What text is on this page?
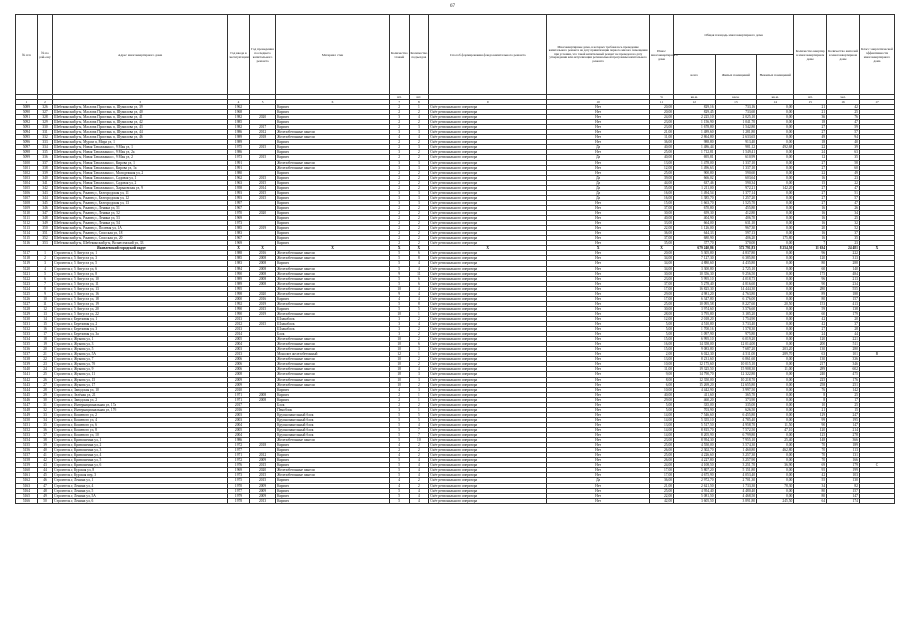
67
№ п/п	№ по рай-ону	Адрес многоквартирного дома	Год ввода в эксплуатацию	Год проведения последнего капитального ремонта	Материал стен	Количество этажей	Количество подъездов	Способ формирования фонда капитального ремонта	Многоквартирные дома, в которых требовалось проведение капитального ремонта на дату приватизации первого жилого помещения при условии, что такой капитальный ремонт не проведен на дату утверждения или актуализации региональной программы капитального ремонта	Износ многоквартирного дома	Общая площадь многоквартирного дома			Количество квартир в многоквартирном доме	Количество жителей в многоквартирном доме	Класс энергетической эффективности многоквартирного дома
											всего	Жилых помещений	Нежилых помещений			
						шт.	шт.			%	кв.м.	кв.м.	кв.м.	шт.	чел.	
1	2	3	4	5	6	7	8	9	10	11	12	13	14	15	16	17
5089	326	Шебекинский р-н, Маслова Пристань п, Шумилова ул, 39	1962		Кирпич	2	1	Счёт регионального оператора	Нет	20,00	829,16	733,16	0,00	21	42	
5090	327	Шебекинский р-н, Маслова Пристань п, Шумилова ул, 40	1968		Кирпич	2	2	Счёт регионального оператора	Нет	20,00	829,45	733,60	0,00	21	25	
5091	328	Шебекинский р-н, Маслова Пристань п, Шумилова ул, 41	1982	2020	Кирпич	3	4	Счёт регионального оператора	Нет	24,00	2 225,10	2 025,10	0,00	36	76	
5092	329	Шебекинский р-н, Маслова Пристань п, Шумилова ул, 42	1985		Кирпич	2	2	Счёт регионального оператора	Нет	23,00	1 156,90	1 041,70	0,00	18	47	
5093	330	Шебекинский р-н, Маслова Пристань п, Шумилова ул, 43	1982	2017	Кирпич	2	3	Счёт регионального оператора	Нет	23,00	1 678,80	1 542,80	0,00	27	59	
5094	331	Шебекинский р-н, Маслова Пристань п, Шумилова ул, 44	1986	2012	Железобетонные панели	3	3	Счёт регионального оператора	Нет	21,00	1 489,60	1 281,80	0,00	27	57	
5095	332	Шебекинский р-н, Маслова Пристань п, Шумилова ул, 46	1989	2018	Железобетонные панели	4	4	Счёт регионального оператора	Нет	11,00	2 864,80	2 633,65	0,00	49	94	
5096	333	Шебекинский р-н, Муром п, Мира ул, 1	1989		Кирпич	2	2	Счёт регионального оператора	Нет	36,00	988,80	913,40	0,00	18	40	
5097	334	Шебекинский р-н, Новая Таволжанка с, 9 Мая ул, 1	1975	2015	Кирпич	2	3	Счёт регионального оператора	Да	40,00	1 486,44	981,12	492,68	22	39	
5098	335	Шебекинский р-н, Новая Таволжанка с, 9 Мая ул, 2а	1986		Кирпич	3	2	Счёт регионального оператора	Нет	25,00	1 712,81	1 549,41	0,00	24	63	
5099	336	Шебекинский р-н, Новая Таволжанка с, 9 Мая ул, 2	1973	2015	Кирпич	2	2	Счёт регионального оператора	Да	40,00	695,81	610,99	0,00	12	35	
5100	337	Шебекинский р-н, Новая Таволжанка с, Кирова ул, 1	1991		Железобетонные панели	3	3	Счёт регионального оператора	Нет	13,00	1 478,00	1 337,10	0,00	27	58	
5101	338	Шебекинский р-н, Новая Таволжанка с, Кирова ул, 1а	1991		Железобетонные панели	3	3	Счёт регионального оператора	Нет	12,00	1 496,63	1 337,10	0,00	27	60	
5102	339	Шебекинский р-н, Новая Таволжанка с, Молодежная ул, 2	1980		Кирпич	2	2	Счёт регионального оператора	Нет	25,00	900,80	590,60	0,00	22	49	
5103	340	Шебекинский р-н, Новая Таволжанка с, Садовая ул, 1	1962	2015	Кирпич	2	2	Счёт регионального оператора	Да	39,00	666,02	603,64	0,00	16	23	
5104	341	Шебекинский р-н, Новая Таволжанка с, Садовая ул, 2	1963	2015	Кирпич	2	2	Счёт регионального оператора	Да	44,00	637,46	590,34	0,00	15	22	
5105	342	Шебекинский р-н, Новая Таволжанка с, Харьковская ул, 9	1958	2014	Кирпич	2	2	Счёт регионального оператора	Да	35,00	1 211,00	972,21	142,20	27	47	
5106	343	Шебекинский р-н, Ржавец с, Белгородская ул, 11	1993	2015	Кирпич	3	3	Счёт регионального оператора	Да	16,00	1 494,54	1 377,14	0,00	27	51	
5107	344	Шебекинский р-н, Ржавец с, Белгородская ул, 12	1993	2015	Кирпич	3	3	Счёт регионального оператора	Да	16,00	1 385,70	1 257,20	0,00	27	57	
5108	345	Шебекинский р-н, Ржавец с, Белгородская ул, 13	1997		Кирпич	3	3	Счёт регионального оператора	Нет	15,00	1 663,70	1 525,70	0,00	27	47	
5109	346	Шебекинский р-н, Ржавец с, Ленина ул, 51	1967		Кирпич	2	2	Счёт регионального оператора	Нет	37,00	670,80	455,80	0,00	16	26	
5110	347	Шебекинский р-н, Ржавец с, Ленина ул, 52	1970	2020	Кирпич	2	2	Счёт регионального оператора	Нет	30,00	659,30	412,80	0,00	16	34	
5111	348	Шебекинский р-н, Ржавец с, Ленина ул, 53	1969		Кирпич	2	2	Счёт регионального оператора	Нет	40,00	404,90	406,70	0,00	16	25	
5112	349	Шебекинский р-н, Ржавец с, Ленина ул, 54	1973		Кирпич	2	2	Счёт регионального оператора	Нет	33,00	664,00	631,10	0,00	16	32	
5113	350	Шебекинский р-н, Ржавец с, Полевая ул, 1А	1985	2019	Кирпич	2	2	Счёт регионального оператора	Нет	22,00	1 126,00	967,30	0,00	20	52	
5114	351	Шебекинский р-н, Ржавец с, Спасская ул, 18	1983		Кирпич	2	2	Счёт регионального оператора	Нет	36,00	644,33	597,13	0,00	16	37	
5115	352	Шебекинский р-н, Ржавец с, Спасская ул, 20	1967		Кирпич	2	2	Счёт регионального оператора	Нет	37,00	680,90	406,20	175,80	16	35	
5116	353	Шебекинский р-н, Шебекинский р-н, Вознесенский ул, 33	1969		Кирпич	2	2	Счёт регионального оператора	Нет	35,00	377,70	370,00	0,00	7	23	
Яковлевский городской округ			X	X	X	X	X	X	X	X	679 240,86	572 791,83	8 254,50	11 634	24 481	X
5117	1	Строитель г, 5 Августа ул, 1	1988	2016	Железобетонные панели	5	6	Счёт регионального оператора	Нет	20,00	5 305,80	4 837,80	0,00	96	222	
5118	2	Строитель г, 5 Августа ул, 3	1985	2008	Железобетонные панели	5	8	Счёт регионального оператора	Нет	34,00	7 127,30	6 385,80	0,00	120	313	
5119	3	Строитель г, 5 Августа ул, 5	1983	2008	Кирпич	5	4	Счёт регионального оператора	Нет	34,00	4 880,60	4 435,80	0,00	80	288	
5120	4	Строитель г, 5 Августа ул, 6	1984	2008	Железобетонные панели	5	4	Счёт регионального оператора	Нет	34,00	3 300,80	2 725,10	0,00	60	140	
5121	5	Строитель г, 5 Августа ул, 8	1990	2008	Железобетонные панели	9	11	Счёт регионального оператора	Нет	30,00	10 356,30	9 256,50	0,00	175	484	
5122	6	Строитель г, 5 Августа ул, 10	1989	2008	Железобетонные панели	5	6	Счёт регионального оператора	Нет	23,00	5 995,10	4 018,75	0,00	96	213	
5123	7	Строитель г, 5 Августа ул, 11	1989	2008	Железобетонные панели	5	6	Счёт регионального оператора	Нет	37,00	5 278,40	4 816,60	0,00	90	234	
5124	8	Строитель г, 5 Августа ул, 13	1995		Железобетонные панели	10	4	Счёт регионального оператора	Нет	17,00	16 825,30	14 444,30	0,00	280	555	
5125	9	Строитель г, 5 Августа ул, 16	1998	2020	Железобетонные панели	9	4	Счёт регионального оператора	Нет	29,00	4 981,20	4 763,80	0,00	89	188	
5126	10	Строитель г, 5 Августа ул, 18	2000	2016	Кирпич	4	4	Счёт регионального оператора	Нет	17,00	6 347,80	6 176,00	0,00	80	157	
5127	11	Строитель г, 5 Августа ул, 19	1992	2019	Железобетонные панели	5	8	Счёт регионального оператора	Нет	25,00	10 095,58	8 227,60	20,50	153	413	
5128	12	Строитель г, 5 Августа ул, 20	1990	2015	Кирпич	5	5	Счёт регионального оператора	Нет	30,00	3 974,60	3 576,60	0,00	59	138	
5129	13	Строитель г, 5 Августа ул, 22	1990	2019	Железобетонные панели	10	1	Счёт регионального оператора	Нет	28,00	3 795,80	3 185,20	0,00	60	179	
5130	14	Строитель г, Березовая ул, 1	2013		Шлакоблок	3	2	Счёт регионального оператора	Нет	12,00	2 018,20	1 754,90	0,00	42	20	
5131	15	Строитель г, Березовая ул, 2	2012	2015	Шлакоблок	3	4	Счёт регионального оператора	Нет	5,00	4 510,80	3 733,40	0,00	42	37	
5132	16	Строитель г, Березовая ул, 3	2013		Шлакоблок	3	2	Счёт регионального оператора	Нет	5,00	1 700,16	1 578,30	0,00	27	28	
5133	17	Строитель г, Березовая ул, 3а	2014		Блок	3	2	Счёт регионального оператора	Нет	5,00	1 097,90	975,80	0,00	24	44	
5134	18	Строитель г, Жукова ул, 1	2005		Железобетонные панели	10	2	Счёт регионального оператора	Нет	15,00	6 995,10	6 019,20	0,00	120	221	
5135	19	Строитель г, Жукова ул, 3	2004		Железобетонные панели	10	6	Счёт регионального оператора	Нет	16,00	14 358,00	12 014,00	0,00	200	511	
5136	20	Строитель г, Жукова ул, 5	2003		Железобетонные панели	10	3	Счёт регионального оператора	Нет	15,00	9 083,80	7 687,20	203,20	130	280	
5137	21	Строитель г, Жукова ул, 5А	2013		Монолит железобетонный	12	1	Счёт регионального оператора	Нет	2,00	6 022,30	4 511,00	289,70	63	101	B
5138	22	Строитель г, Жукова ул, 7	2006		Железобетонные панели	10	2	Счёт регионального оператора	Нет	13,00	8 231,60	6 861,60	0,00	130	336	
5139	23	Строитель г, Жукова ул, 7б	2006		Железобетонные панели	10	2	Счёт регионального оператора	Нет	10,00	12 175,60	10 015,10	0,00	217	346	
5140	24	Строитель г, Жукова ул, 9	2006		Железобетонные панели	18	4	Счёт регионального оператора	Нет	11,00	19 325,50	15 908,30	11,00	289	602	
5141	25	Строитель г, Жукова ул, 11	2008		Железобетонные панели	18	3	Счёт регионального оператора	Нет	9,00	14 790,70	12 322,80	0,00	240	475	
5142	26	Строитель г, Жукова ул, 15	2009		Железобетонные панели	10	3	Счёт регионального оператора	Нет	8,00	12 350,00	10 218,70	0,00	225	176	
5143	27	Строитель г, Жукова ул, 17	2009		Железобетонные панели	10	2	Счёт регионального оператора	Нет	6,00	15 269,20	12 655,80	0,00	258	251	
5144	28	Строитель г, Заводская ул, 10	2010		Кирпич	4	3	Счёт регионального оператора	Нет	10,00	4 442,90	3 997,50	0,00	76	142	
5145	29	Строитель г, Зелёная ул, 21	1971	2008	Кирпич	2	1	Счёт регионального оператора	Нет	40,00	411,60	365,70	0,00	8	25	
5146	30	Строитель г, Заводская ул, 2	1971	2008	Кирпич	2	1	Счёт регионального оператора	Нет	29,00	460,20	373,90	0,00	8	17	
5147	31	Строитель г, Интернациональная ул, 17а	2017		Блок	2	2	Счёт регионального оператора	Нет	5,00	335,00	335,00	0,00	10	25	
5148	32	Строитель г, Интернациональная ул, 17б	2016		Пеноблок	3	1	Счёт регионального оператора	Нет	5,00	703,90	626,50	0,00	21	15	
5149	33	Строитель г, Кошевого ул, 2	2003		Крупнопанельный блок	5	5	Счёт регионального оператора	Нет	14,00	7 546,60	6 455,80	0,00	129	247	
5150	34	Строитель г, Кошевого ул, 4	2003		Крупнопанельный блок	5	5	Счёт регионального оператора	Нет	14,00	5 355,10	4 785,40	0,00	99	195	
5151	35	Строитель г, Кошевого ул, 6	2004		Крупнопанельный блок	5	4	Счёт регионального оператора	Нет	13,00	5 517,50	4 958,70	11,50	90	147	
5152	36	Строитель г, Кошевого ул, 8	2005		Крупнопанельный блок	5	7	Счёт регионального оператора	Нет	14,00	8 815,70	7 572,50	47,10	120	214	
5153	37	Строитель г, Кошевого ул, 10	2004		Крупнопанельный блок	5	7	Счёт регионального оператора	Нет	14,00	8 205,90	6 799,80	0,00	125	278	
5154	38	Строитель г, Кривошеина ул, 1	1986		Железобетонные панели	5	10	Счёт регионального оператора	Нет	23,00	8 954,30	7 955,10	25,40	148	366	
5155	39	Строитель г, Кривошеина ул, 2	1972	2018	Кирпич	4	2	Счёт регионального оператора	Нет	25,00	4 550,00	3 574,30	0,00	70	189	
5156	40	Строитель г, Кривошеина ул, 3	1977		Кирпич	2	2	Счёт регионального оператора	Нет	26,00	2 302,70	1 460,80	462,80	70	113	
5157	41	Строитель г, Кривошеина ул, 4	1971	2012	Кирпич	4	2	Счёт регионального оператора	Нет	25,00	4 226,60	3 257,30	0,00	70	131	
5158	42	Строитель г, Кривошеина ул, 5	1972	2009	Кирпич	5	4	Счёт регионального оператора	Нет	26,00	4 227,80	3 257,90	0,00	70	166	
5159	43	Строитель г, Кривошеина ул, 6	1976	2015	Кирпич	5	4	Счёт регионального оператора	Нет	24,00	4 108,50	3 251,70	36,90	69	179	С
5160	44	Строитель г, Курская ул, 8	1969	2020	Железобетонные панели	5	4	Счёт регионального оператора	Нет	17,00	5 807,20	5 151,80	0,00	95	199	
5161	45	Строитель г, Курская пер, 3	1973	2015	Железобетонные панели	5	4	Счёт регионального оператора	Нет	17,00	4 675,90	4 053,40	0,00	42	103	
5162	46	Строитель г, Ленина ул, 1	1975	2015	Кирпич	4	2	Счёт регионального оператора	Да	36,00	2 972,70	2 701,30	0,00	55	130	
5163	47	Строитель г, Ленина ул, 4	1970	2009	Кирпич	4	2	Счёт регионального оператора	Нет	21,00	2 621,50	1 733,30	78,30	34	82	
5164	48	Строитель г, Ленина ул, 5	1977	2009	Кирпич	5	4	Счёт регионального оператора	Нет	25,00	4 954,40	4 480,40	0,00	80	157	
5165	49	Строитель г, Ленина ул, 5А	1979	2009	Кирпич	5	4	Счёт регионального оператора	Нет	22,00	5 081,50	4 468,50	0,00	80	147	
5166	50	Строитель г, Ленина ул, 6	1978	2013	Кирпич	5	4	Счёт регионального оператора	Нет	42,00	3 605,50	3 891,80	245,50	64	174	
